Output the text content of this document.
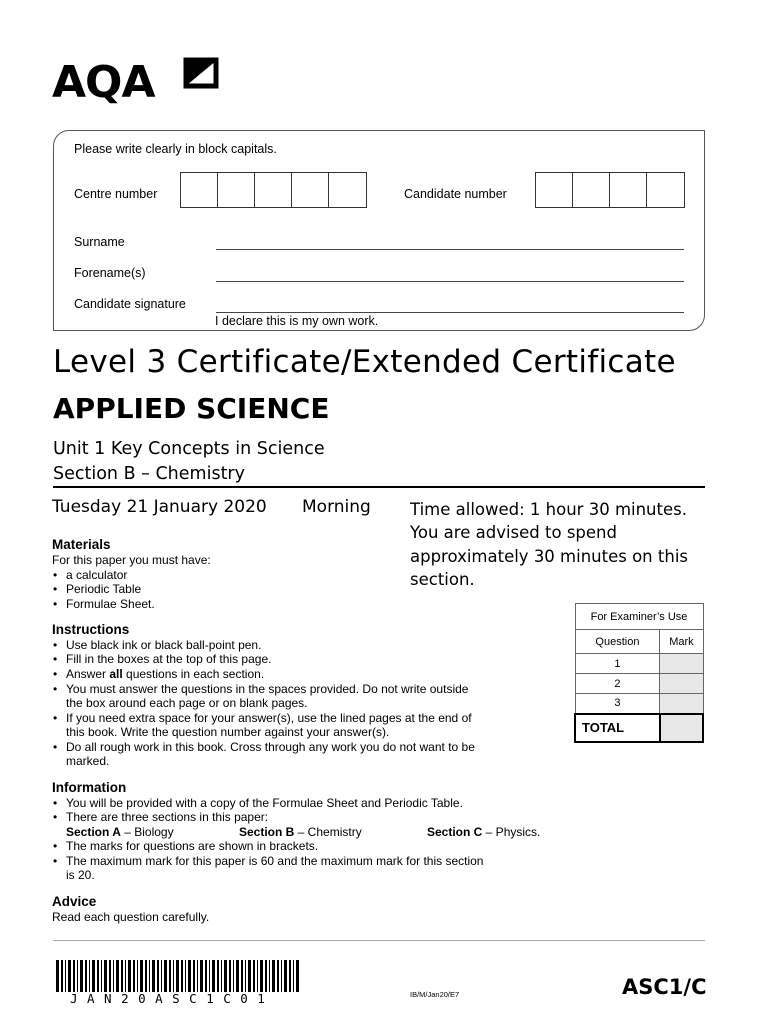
AQA
Please write clearly in block capitals.
Centre number	Candidate number
Surname
Forename(s)
Candidate signature
I declare this is my own work.
Level 3 Certificate/Extended Certificate
APPLIED SCIENCE
Unit 1 Key Concepts in Science
Section B – Chemistry
Tuesday 21 January 2020 Morning Time allowed: 1 hour 30 minutes.
You are advised to spend
approximately 30 minutes on this
section.
Materials
For this paper you must have:
• a calculator
• Periodic Table
• Formulae Sheet.
Instructions
• Use black ink or black ball-point pen.
• Fill in the boxes at the top of this page.
• Answer all questions in each section.
• You must answer the questions in the spaces provided. Do not write outside
the box around each page or on blank pages.
• If you need extra space for your answer(s), use the lined pages at the end of
this book. Write the question number against your answer(s).
• Do all rough work in this book. Cross through any work you do not want to be
marked.
Information
• You will be provided with a copy of the Formulae Sheet and Periodic Table.
• There are three sections in this paper:
Section A – Biology	Section B – Chemistry	Section C – Physics.
• The marks for questions are shown in brackets.
• The maximum mark for this paper is 60 and the maximum mark for this section
is 20.
Advice
Read each question carefully.
For Examiner’s Use	
Question	Mark
1	
2	
3	
TOTAL	
JAN20ASC1C01	IB/M/Jan20/E7	ASC1/C
